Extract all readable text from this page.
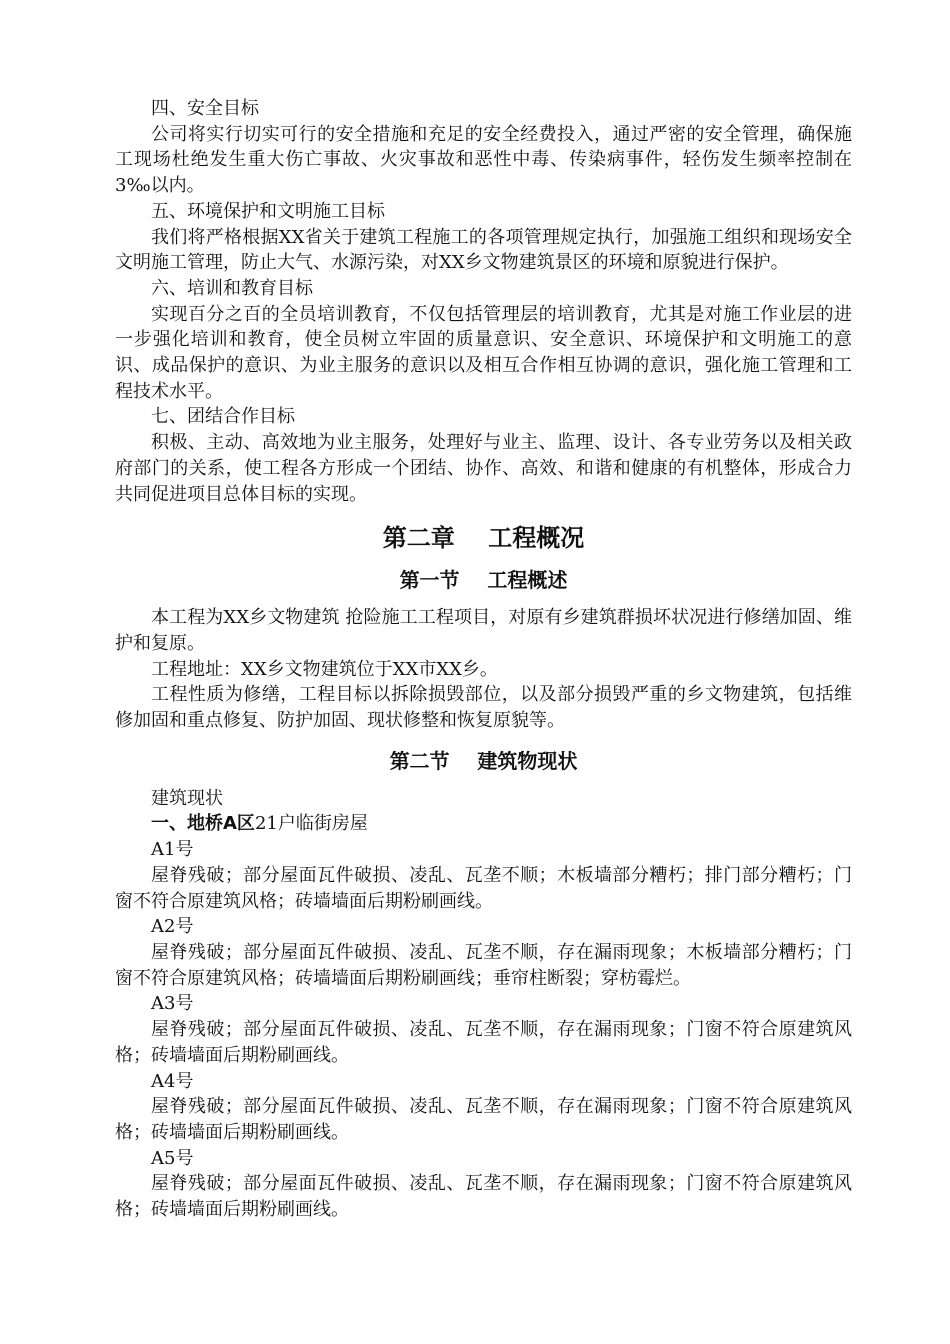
四、安全目标

公司将实行切实可行的安全措施和充足的安全经费投入，通过严密的安全管理，确保施工现场杜绝发生重大伤亡事故、火灾事故和恶性中毒、传染病事件，轻伤发生频率控制在3‰以内。

五、环境保护和文明施工目标

我们将严格根据XX省关于建筑工程施工的各项管理规定执行，加强施工组织和现场安全文明施工管理，防止大气、水源污染，对XX乡文物建筑景区的环境和原貌进行保护。

六、培训和教育目标

实现百分之百的全员培训教育，不仅包括管理层的培训教育，尤其是对施工作业层的进一步强化培训和教育，使全员树立牢固的质量意识、安全意识、环境保护和文明施工的意识、成品保护的意识、为业主服务的意识以及相互合作相互协调的意识，强化施工管理和工程技术水平。

七、团结合作目标

积极、主动、高效地为业主服务，处理好与业主、监理、设计、各专业劳务以及相关政府部门的关系，使工程各方形成一个团结、协作、高效、和谐和健康的有机整体，形成合力共同促进项目总体目标的实现。

第二章    工程概况
第一节    工程概述

本工程为XX乡文物建筑 抢险施工工程项目，对原有乡建筑群损坏状况进行修缮加固、维护和复原。

工程地址：XX乡文物建筑位于XX市XX乡。

工程性质为修缮，工程目标以拆除损毁部位，以及部分损毁严重的乡文物建筑，包括维修加固和重点修复、防护加固、现状修整和恢复原貌等。

第二节    建筑物现状

建筑现状

一、地桥A区21户临街房屋

A1号

屋脊残破；部分屋面瓦件破损、凌乱、瓦垄不顺；木板墙部分糟朽；排门部分糟朽；门窗不符合原建筑风格；砖墙墙面后期粉刷画线。

A2号

屋脊残破；部分屋面瓦件破损、凌乱、瓦垄不顺，存在漏雨现象；木板墙部分糟朽；门窗不符合原建筑风格；砖墙墙面后期粉刷画线；垂帘柱断裂；穿枋霉烂。

A3号

屋脊残破；部分屋面瓦件破损、凌乱、瓦垄不顺，存在漏雨现象；门窗不符合原建筑风格；砖墙墙面后期粉刷画线。

A4号

屋脊残破；部分屋面瓦件破损、凌乱、瓦垄不顺，存在漏雨现象；门窗不符合原建筑风格；砖墙墙面后期粉刷画线。

A5号

屋脊残破；部分屋面瓦件破损、凌乱、瓦垄不顺，存在漏雨现象；门窗不符合原建筑风格；砖墙墙面后期粉刷画线。
